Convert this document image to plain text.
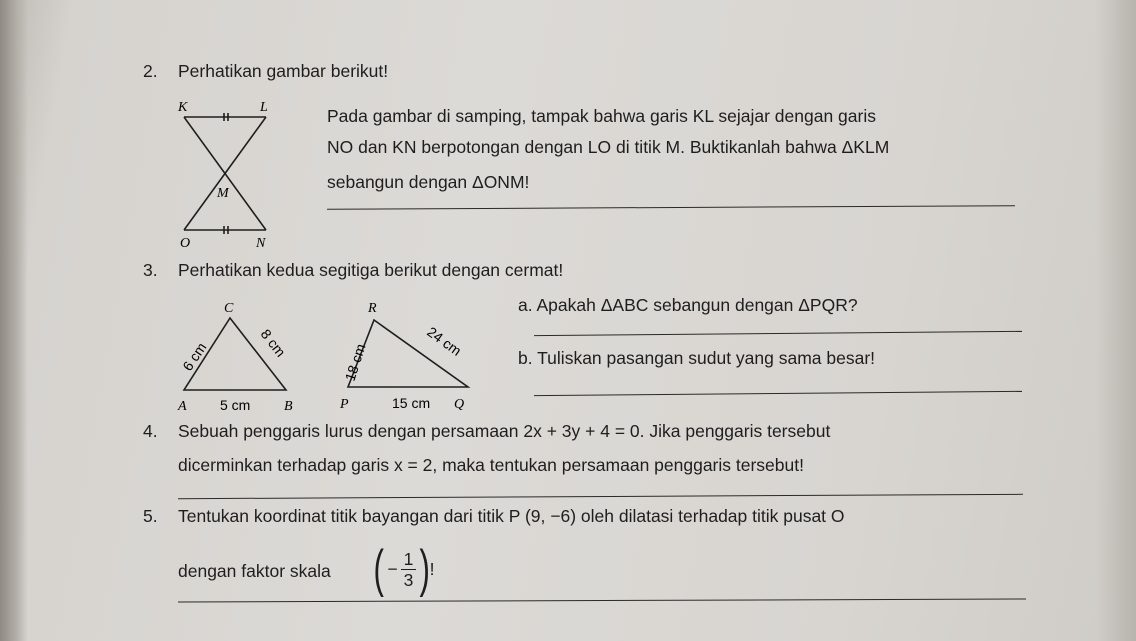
2. Perhatikan gambar berikut!
K	L
M
O	N
Pada gambar di samping, tampak bahwa garis KL sejajar dengan garis
NO dan KN berpotongan dengan LO di titik M. Buktikanlah bahwa ΔKLM
sebangun dengan ΔONM!
3. Perhatikan kedua segitiga berikut dengan cermat!
C
A	B
5 cm
6 cm	8 cm
R
P	Q
15 cm
18 cm
24 cm
a. Apakah ΔABC sebangun dengan ΔPQR?
b. Tuliskan pasangan sudut yang sama besar!
4. Sebuah penggaris lurus dengan persamaan 2x + 3y + 4 = 0. Jika penggaris tersebut
dicerminkan terhadap garis x = 2, maka tentukan persamaan penggaris tersebut!
5. Tentukan koordinat titik bayangan dari titik P (9, −6) oleh dilatasi terhadap titik pusat O
dengan faktor skala ( − $\frac{1}{3}$ ) !
